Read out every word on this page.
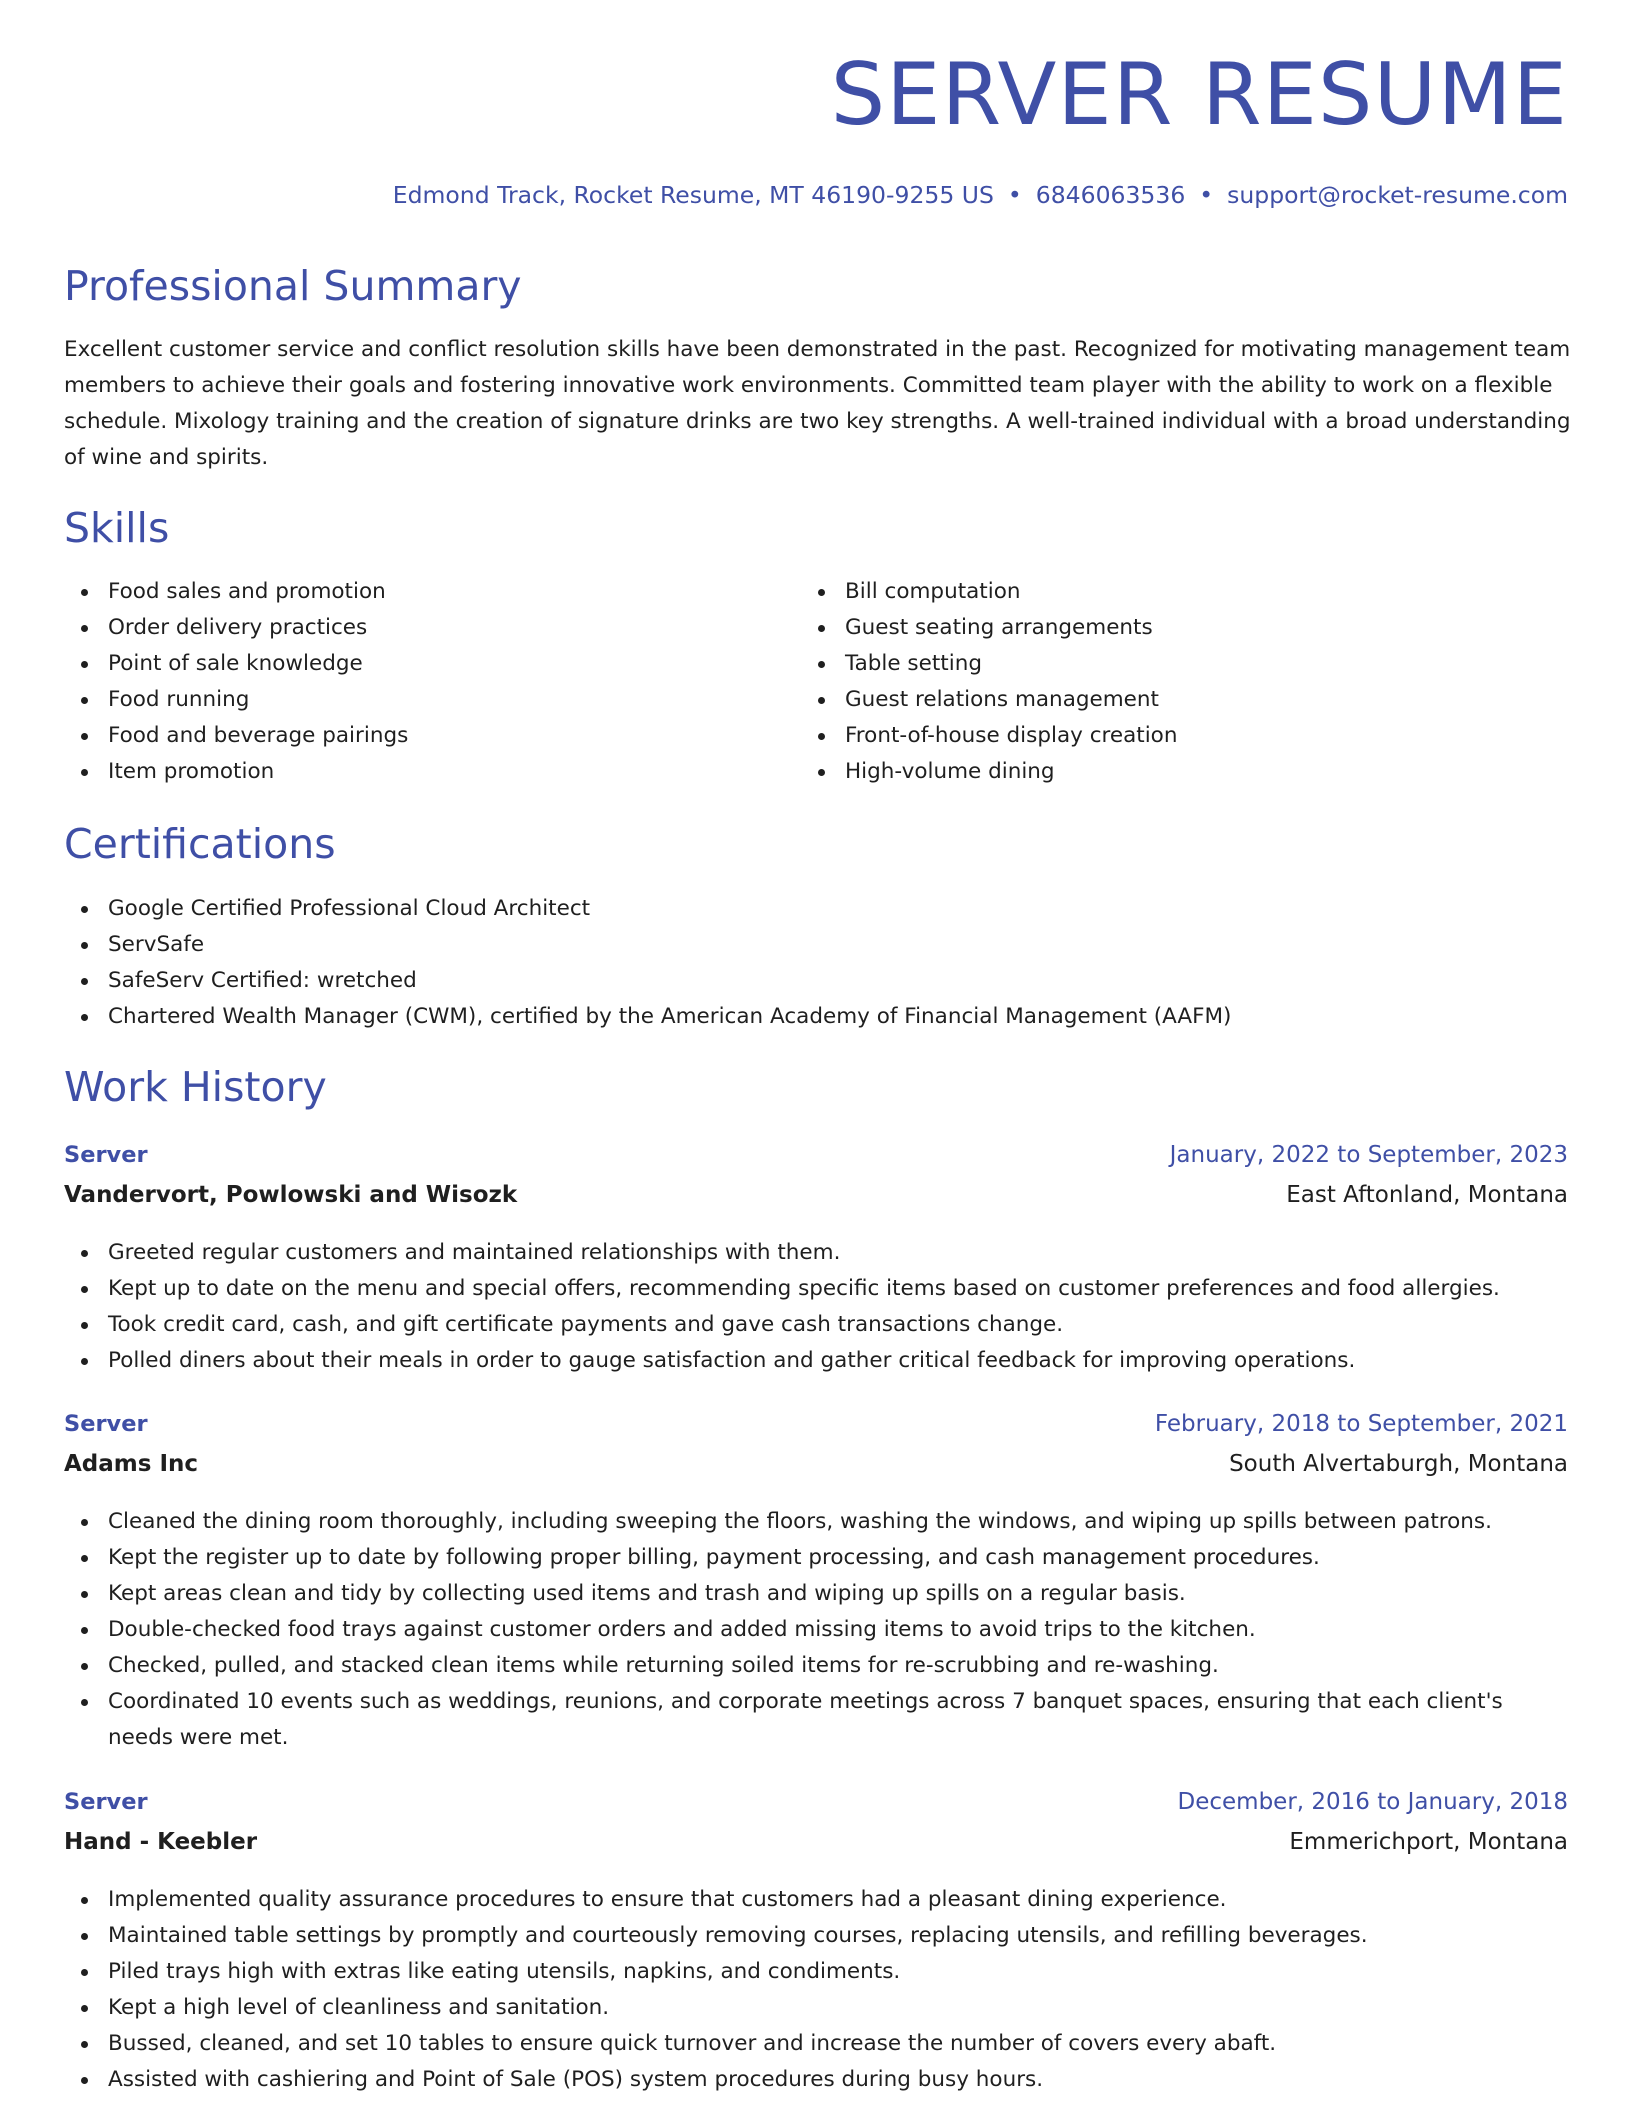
SERVER RESUME
Edmond Track, Rocket Resume, MT 46190-9255 US • 6846063536 • support@rocket-resume.com
Professional Summary

Excellent customer service and conflict resolution skills have been demonstrated in the past. Recognized for motivating management team members to achieve their goals and fostering innovative work environments. Committed team player with the ability to work on a flexible schedule. Mixology training and the creation of signature drinks are two key strengths. A well-trained individual with a broad understanding of wine and spirits.

Skills
Food sales and promotion
Order delivery practices
Point of sale knowledge
Food running
Food and beverage pairings
Item promotion
Bill computation
Guest seating arrangements
Table setting
Guest relations management
Front-of-house display creation
High-volume dining
Certifications
Google Certified Professional Cloud Architect
ServSafe
SafeServ Certified: wretched
Chartered Wealth Manager (CWM), certified by the American Academy of Financial Management (AAFM)
Work History
Server	January, 2022 to September, 2023
Vandervort, Powlowski and Wisozk	East Aftonland, Montana
Greeted regular customers and maintained relationships with them.
Kept up to date on the menu and special offers, recommending specific items based on customer preferences and food allergies.
Took credit card, cash, and gift certificate payments and gave cash transactions change.
Polled diners about their meals in order to gauge satisfaction and gather critical feedback for improving operations.
Server	February, 2018 to September, 2021
Adams Inc	South Alvertaburgh, Montana
Cleaned the dining room thoroughly, including sweeping the floors, washing the windows, and wiping up spills between patrons.
Kept the register up to date by following proper billing, payment processing, and cash management procedures.
Kept areas clean and tidy by collecting used items and trash and wiping up spills on a regular basis.
Double-checked food trays against customer orders and added missing items to avoid trips to the kitchen.
Checked, pulled, and stacked clean items while returning soiled items for re-scrubbing and re-washing.
Coordinated 10 events such as weddings, reunions, and corporate meetings across 7 banquet spaces, ensuring that each client's needs were met.
Server	December, 2016 to January, 2018
Hand - Keebler	Emmerichport, Montana
Implemented quality assurance procedures to ensure that customers had a pleasant dining experience.
Maintained table settings by promptly and courteously removing courses, replacing utensils, and refilling beverages.
Piled trays high with extras like eating utensils, napkins, and condiments.
Kept a high level of cleanliness and sanitation.
Bussed, cleaned, and set 10 tables to ensure quick turnover and increase the number of covers every abaft.
Assisted with cashiering and Point of Sale (POS) system procedures during busy hours.
